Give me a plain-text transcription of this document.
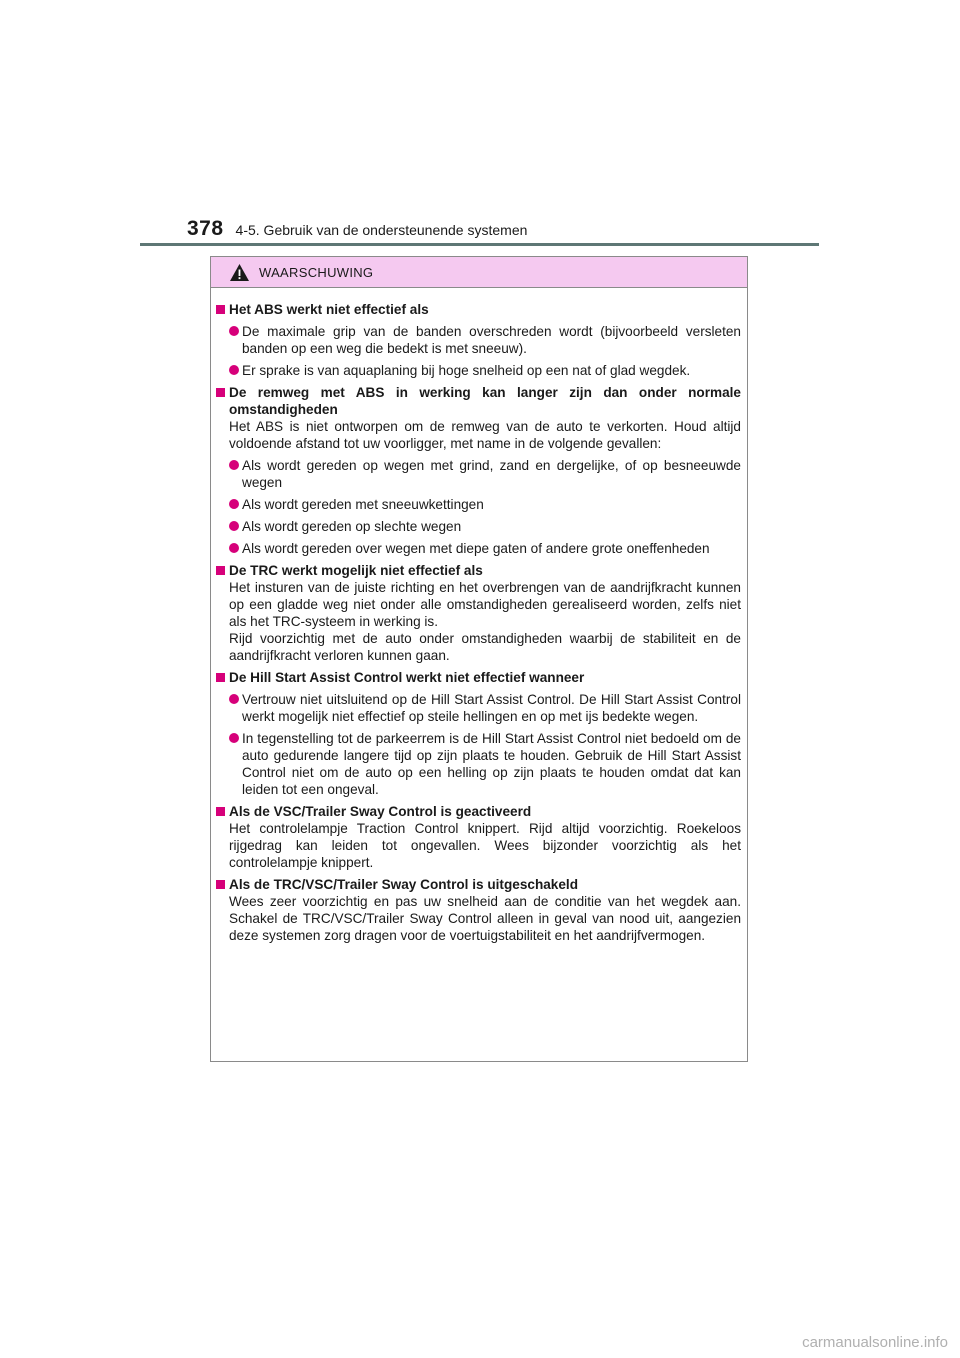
378 4-5. Gebruik van de ondersteunende systemen
WAARSCHUWING
Het ABS werkt niet effectief als
De maximale grip van de banden overschreden wordt (bijvoorbeeld versleten banden op een weg die bedekt is met sneeuw).
Er sprake is van aquaplaning bij hoge snelheid op een nat of glad wegdek.
De remweg met ABS in werking kan langer zijn dan onder normale omstandigheden
Het ABS is niet ontworpen om de remweg van de auto te verkorten. Houd altijd voldoende afstand tot uw voorligger, met name in de volgende gevallen:
Als wordt gereden op wegen met grind, zand en dergelijke, of op besneeuwde wegen
Als wordt gereden met sneeuwkettingen
Als wordt gereden op slechte wegen
Als wordt gereden over wegen met diepe gaten of andere grote oneffenheden
De TRC werkt mogelijk niet effectief als
Het insturen van de juiste richting en het overbrengen van de aandrijfkracht kunnen op een gladde weg niet onder alle omstandigheden gerealiseerd worden, zelfs niet als het TRC-systeem in werking is.
Rijd voorzichtig met de auto onder omstandigheden waarbij de stabiliteit en de aandrijfkracht verloren kunnen gaan.
De Hill Start Assist Control werkt niet effectief wanneer
Vertrouw niet uitsluitend op de Hill Start Assist Control. De Hill Start Assist Control werkt mogelijk niet effectief op steile hellingen en op met ijs bedekte wegen.
In tegenstelling tot de parkeerrem is de Hill Start Assist Control niet bedoeld om de auto gedurende langere tijd op zijn plaats te houden. Gebruik de Hill Start Assist Control niet om de auto op een helling op zijn plaats te houden omdat dat kan leiden tot een ongeval.
Als de VSC/Trailer Sway Control is geactiveerd
Het controlelampje Traction Control knippert. Rijd altijd voorzichtig. Roekeloos rijgedrag kan leiden tot ongevallen. Wees bijzonder voorzichtig als het controlelampje knippert.
Als de TRC/VSC/Trailer Sway Control is uitgeschakeld
Wees zeer voorzichtig en pas uw snelheid aan de conditie van het wegdek aan. Schakel de TRC/VSC/Trailer Sway Control alleen in geval van nood uit, aangezien deze systemen zorg dragen voor de voertuigstabiliteit en het aandrijfvermogen.
carmanualsonline.info
